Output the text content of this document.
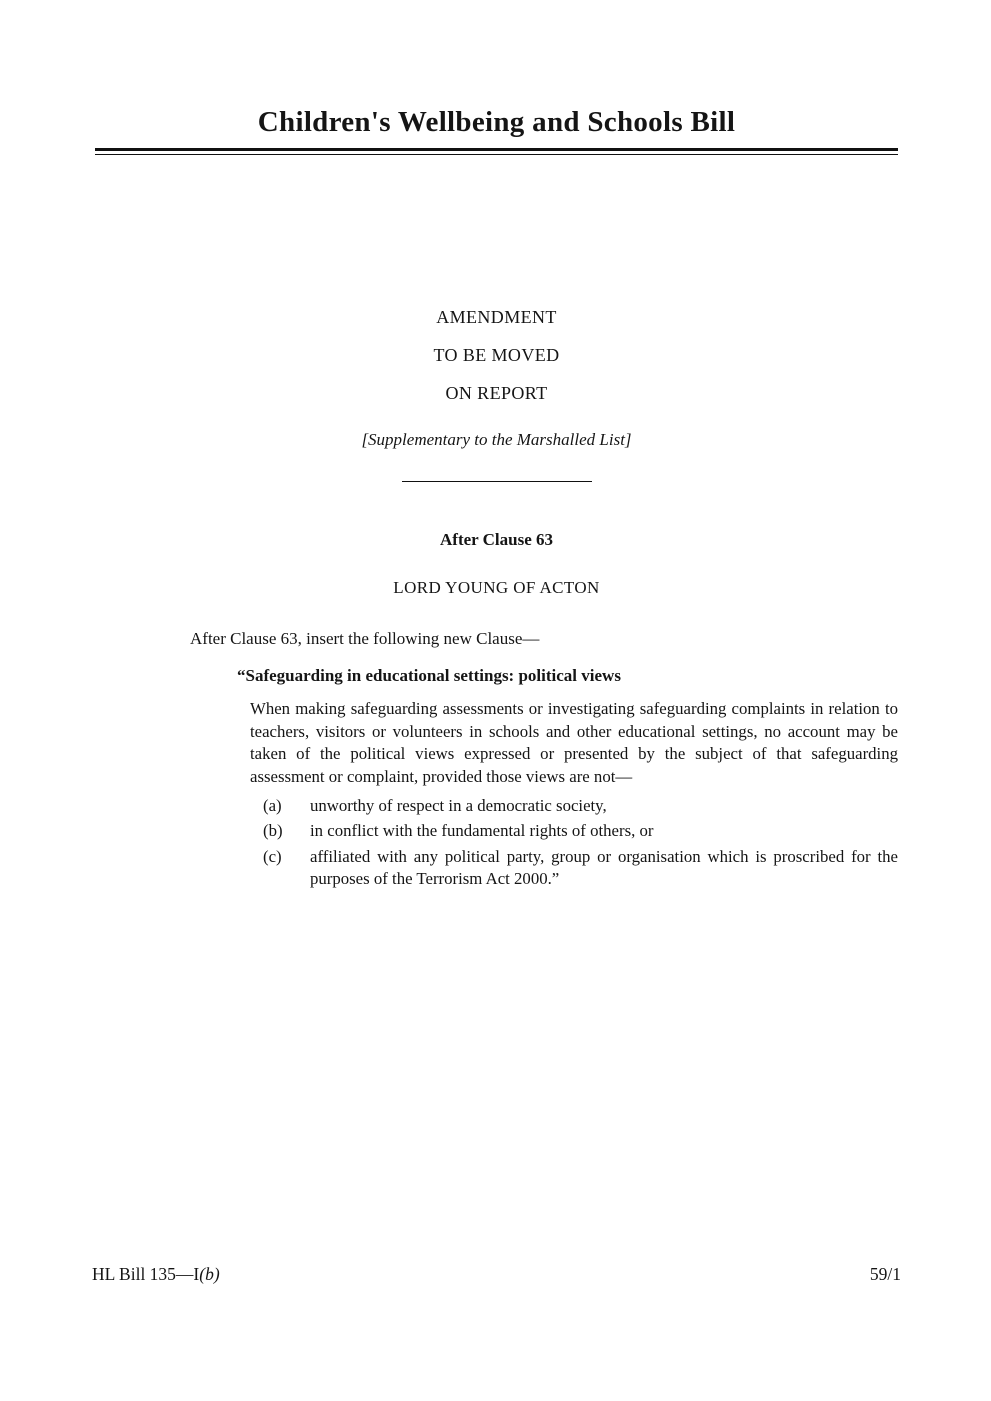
Children's Wellbeing and Schools Bill
AMENDMENT
TO BE MOVED
ON REPORT
[Supplementary to the Marshalled List]
After Clause 63
LORD YOUNG OF ACTON
After Clause 63, insert the following new Clause—
“Safeguarding in educational settings: political views
When making safeguarding assessments or investigating safeguarding complaints in relation to teachers, visitors or volunteers in schools and other educational settings, no account may be taken of the political views expressed or presented by the subject of that safeguarding assessment or complaint, provided those views are not—
(a)	unworthy of respect in a democratic society,
(b)	in conflict with the fundamental rights of others, or
(c)	affiliated with any political party, group or organisation which is proscribed for the purposes of the Terrorism Act 2000.”
HL Bill 135—I(b)	59/1
